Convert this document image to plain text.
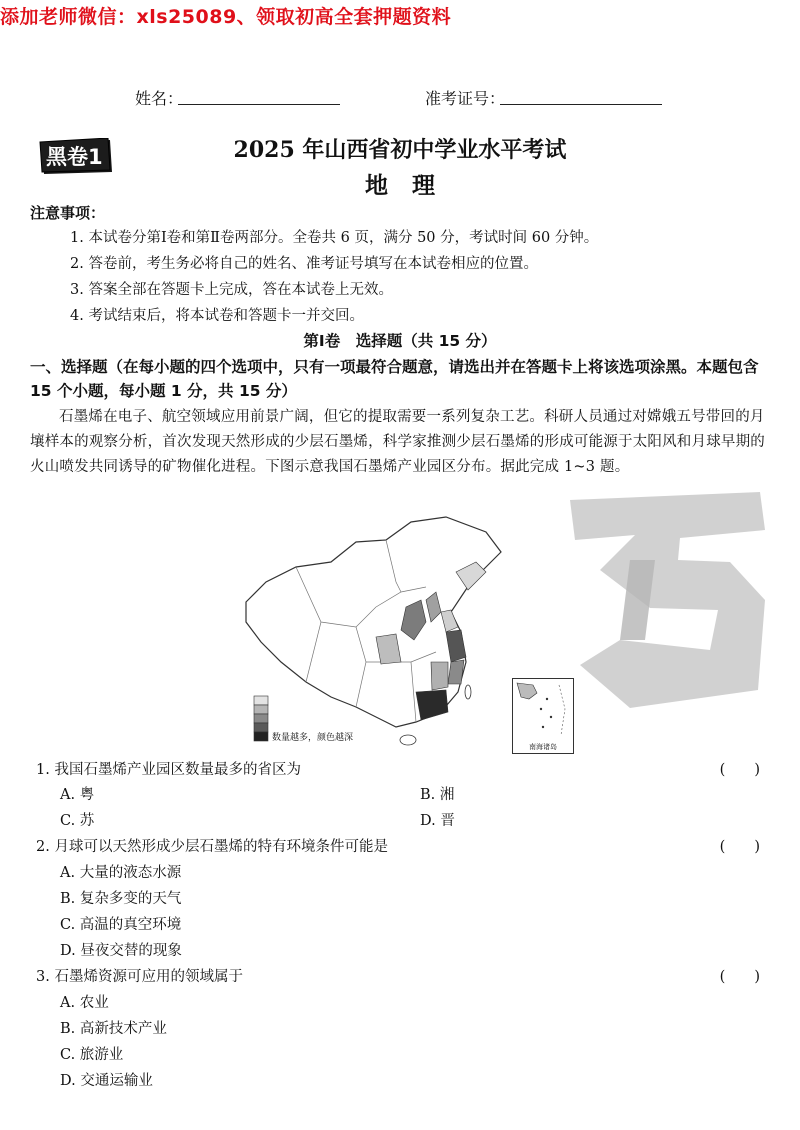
添加老师微信：xls25089、领取初高全套押题资料
姓名：	准考证号：
黑卷1	2025 年山西省初中学业水平考试
地理
注意事项：
1. 本试卷分第Ⅰ卷和第Ⅱ卷两部分。全卷共 6 页，满分 50 分，考试时间 60 分钟。
2. 答卷前，考生务必将自己的姓名、准考证号填写在本试卷相应的位置。
3. 答案全部在答题卡上完成，答在本试卷上无效。
4. 考试结束后，将本试卷和答题卡一并交回。
第Ⅰ卷　选择题（共 15 分）
一、选择题（在每小题的四个选项中，只有一项最符合题意，请选出并在答题卡上将该选项涂黑。本题包含 15 个小题，每小题 1 分，共 15 分）
石墨烯在电子、航空领域应用前景广阔，但它的提取需要一系列复杂工艺。科研人员通过对嫦娥五号带回的月壤样本的观察分析，首次发现天然形成的少层石墨烯，科学家推测少层石墨烯的形成可能源于太阳风和月球早期的火山喷发共同诱导的矿物催化进程。下图示意我国石墨烯产业园区分布。据此完成 1~3 题。
数量越多，颜色越深
南海诸岛
1. 我国石墨烯产业园区数量最多的省区为	(　　)
A. 粤	B. 湘
C. 苏	D. 晋
2. 月球可以天然形成少层石墨烯的特有环境条件可能是	(　　)
A. 大量的液态水源
B. 复杂多变的天气
C. 高温的真空环境
D. 昼夜交替的现象
3. 石墨烯资源可应用的领域属于	(　　)
A. 农业
B. 高新技术产业
C. 旅游业
D. 交通运输业
